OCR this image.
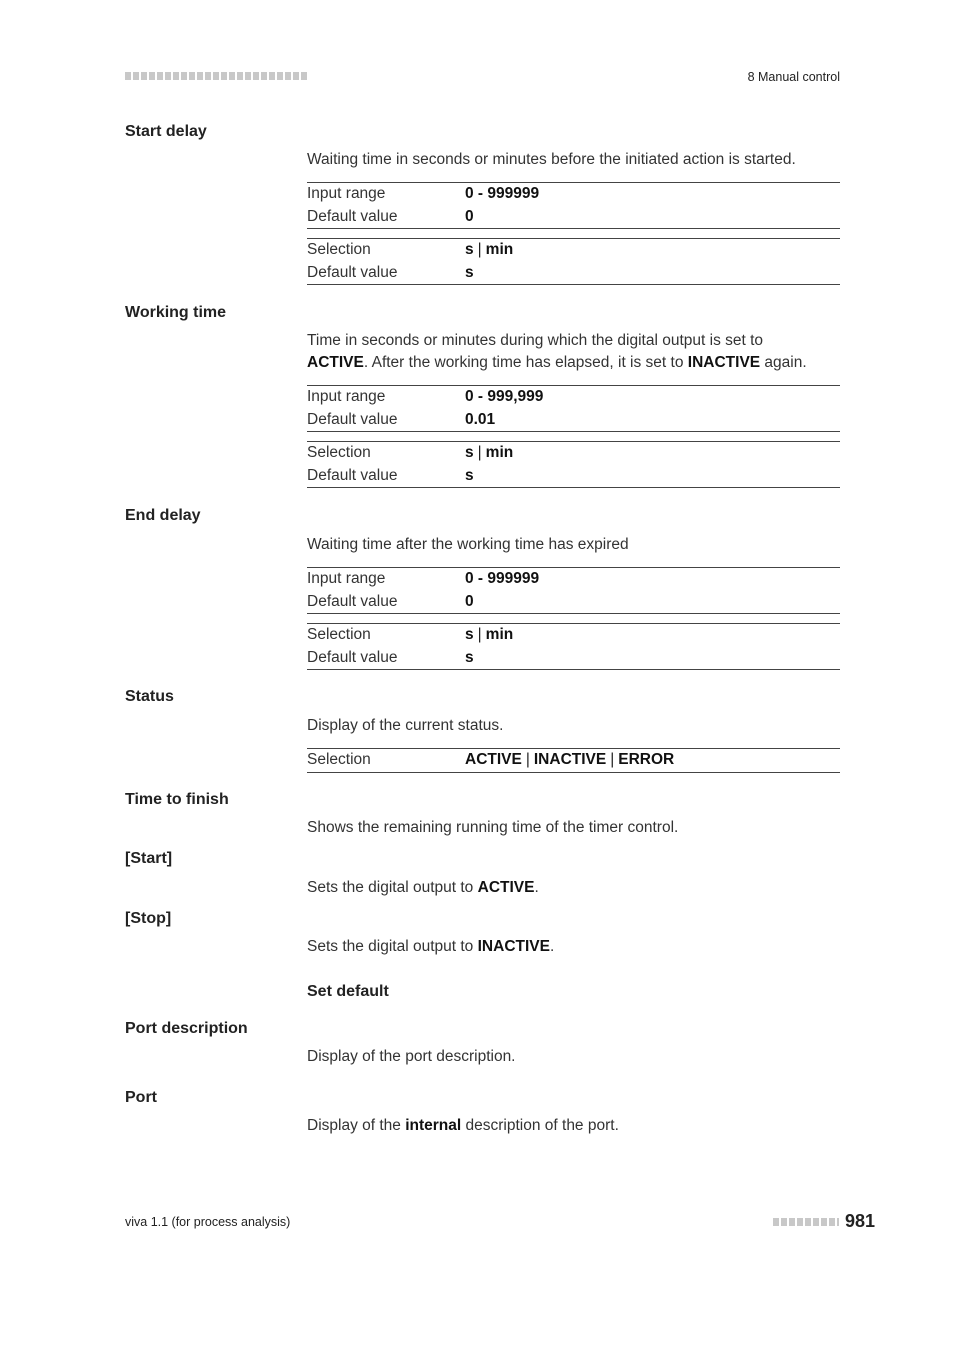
8 Manual control
Start delay
Waiting time in seconds or minutes before the initiated action is started.
Input range	0 - 999999
Default value	0
Selection	s | min
Default value	s
Working time
Time in seconds or minutes during which the digital output is set to
ACTIVE. After the working time has elapsed, it is set to INACTIVE again.
Input range	0 - 999,999
Default value	0.01
Selection	s | min
Default value	s
End delay
Waiting time after the working time has expired
Input range	0 - 999999
Default value	0
Selection	s | min
Default value	s
Status
Display of the current status.
Selection	ACTIVE | INACTIVE | ERROR
Time to finish
Shows the remaining running time of the timer control.
[Start]
Sets the digital output to ACTIVE.
[Stop]
Sets the digital output to INACTIVE.
Set default
Port description
Display of the port description.
Port
Display of the internal description of the port.
viva 1.1 (for process analysis)	981
